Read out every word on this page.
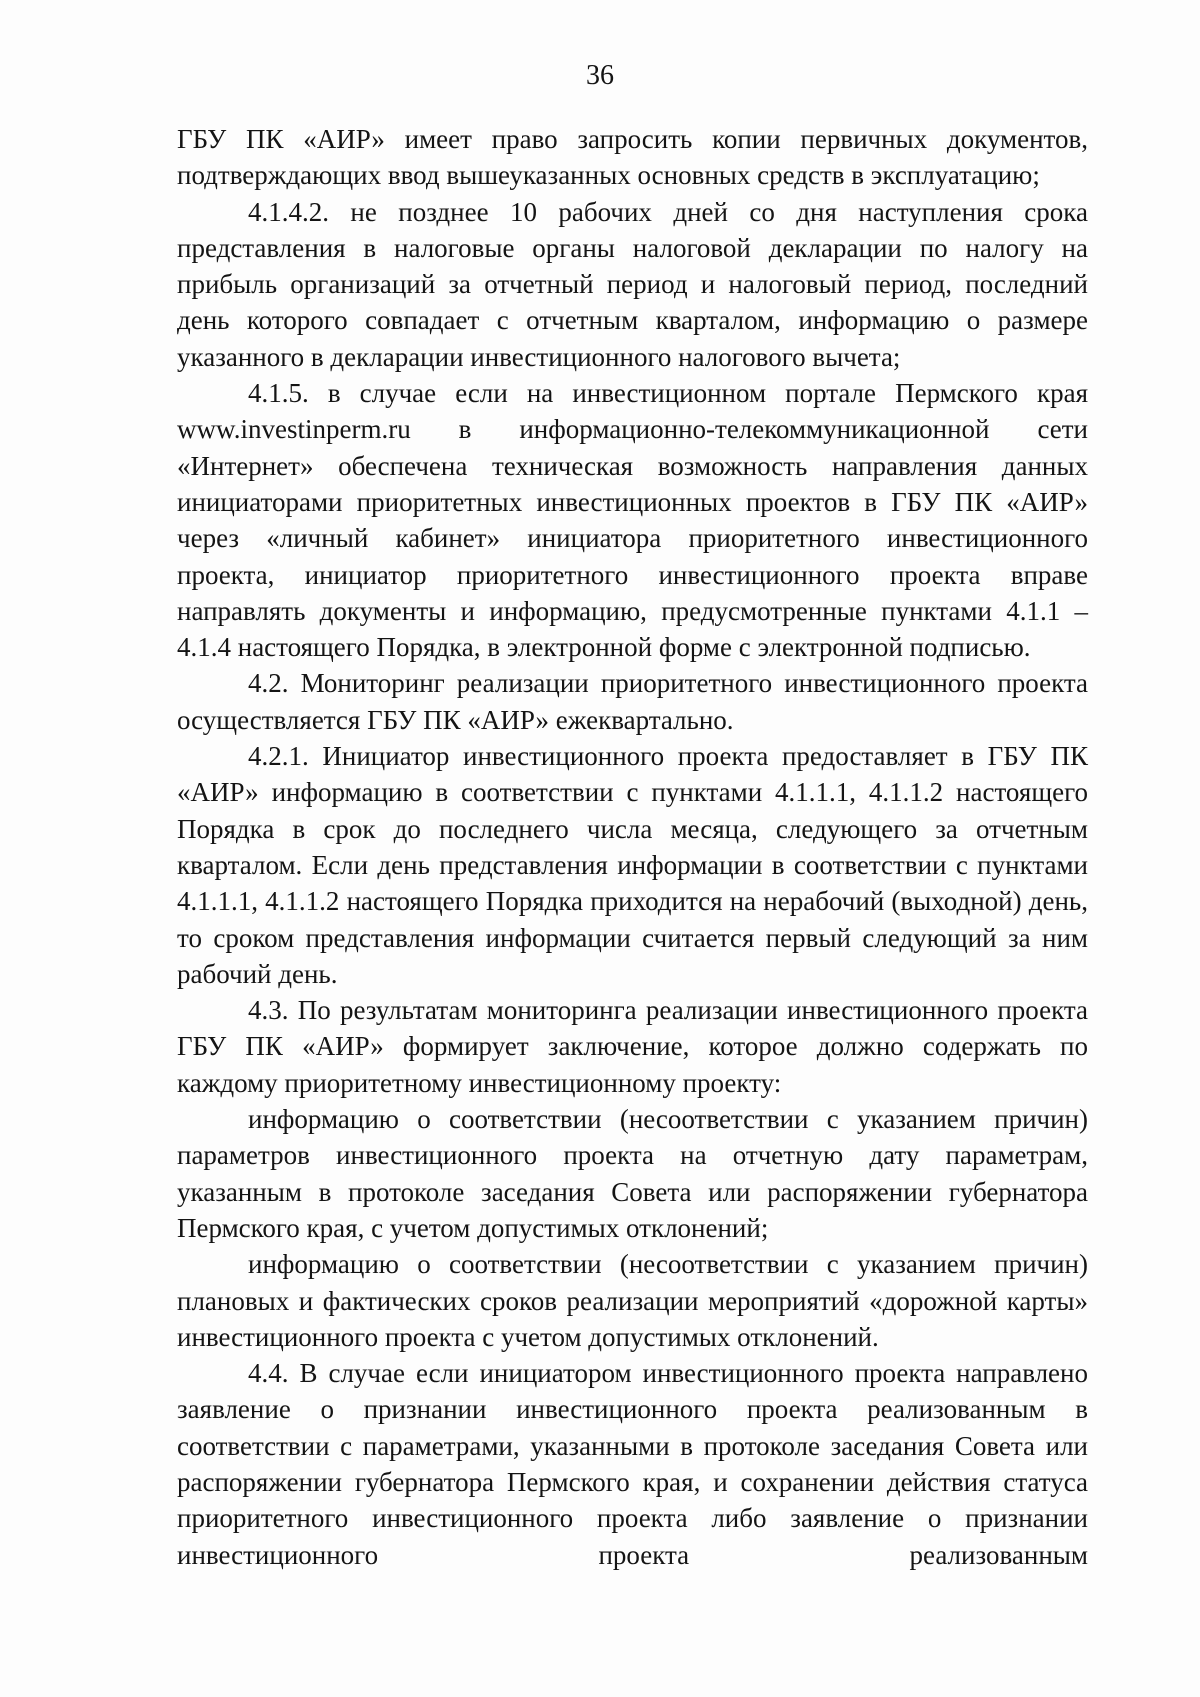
36

ГБУ ПК «АИР» имеет право запросить копии первичных документов, подтверждающих ввод вышеуказанных основных средств в эксплуатацию;

4.1.4.2. не позднее 10 рабочих дней со дня наступления срока представления в налоговые органы налоговой декларации по налогу на прибыль организаций за отчетный период и налоговый период, последний день которого совпадает с отчетным кварталом, информацию о размере указанного в декларации инвестиционного налогового вычета;

4.1.5. в случае если на инвестиционном портале Пермского края www.investinperm.ru в информационно-телекоммуникационной сети «Интернет» обеспечена техническая возможность направления данных инициаторами приоритетных инвестиционных проектов в ГБУ ПК «АИР» через «личный кабинет» инициатора приоритетного инвестиционного проекта, инициатор приоритетного инвестиционного проекта вправе направлять документы и информацию, предусмотренные пунктами 4.1.1 – 4.1.4 настоящего Порядка, в электронной форме с электронной подписью.

4.2. Мониторинг реализации приоритетного инвестиционного проекта осуществляется ГБУ ПК «АИР» ежеквартально.

4.2.1. Инициатор инвестиционного проекта предоставляет в ГБУ ПК «АИР» информацию в соответствии с пунктами 4.1.1.1, 4.1.1.2 настоящего Порядка в срок до последнего числа месяца, следующего за отчетным кварталом. Если день представления информации в соответствии с пунктами 4.1.1.1, 4.1.1.2 настоящего Порядка приходится на нерабочий (выходной) день, то сроком представления информации считается первый следующий за ним рабочий день.

4.3. По результатам мониторинга реализации инвестиционного проекта ГБУ ПК «АИР» формирует заключение, которое должно содержать по каждому приоритетному инвестиционному проекту:

информацию о соответствии (несоответствии с указанием причин) параметров инвестиционного проекта на отчетную дату параметрам, указанным в протоколе заседания Совета или распоряжении губернатора Пермского края, с учетом допустимых отклонений;

информацию о соответствии (несоответствии с указанием причин) плановых и фактических сроков реализации мероприятий «дорожной карты» инвестиционного проекта с учетом допустимых отклонений.

4.4. В случае если инициатором инвестиционного проекта направлено заявление о признании инвестиционного проекта реализованным в соответствии с параметрами, указанными в протоколе заседания Совета или распоряжении губернатора Пермского края, и сохранении действия статуса приоритетного инвестиционного проекта либо заявление о признании инвестиционного проекта реализованным
